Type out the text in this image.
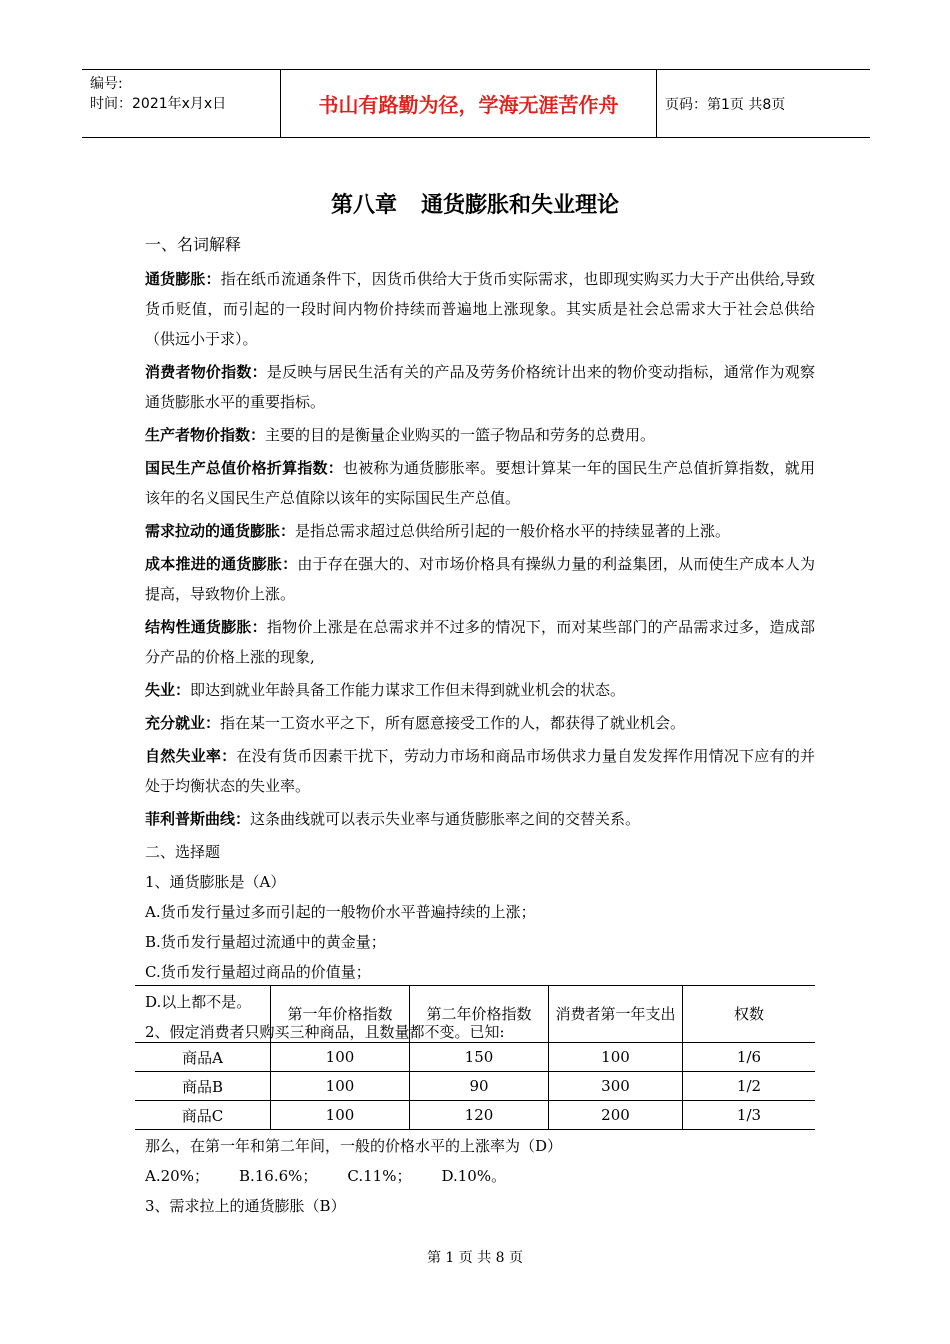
编号:
时间：2021年x月x日	书山有路勤为径，学海无涯苦作舟	页码：第1页 共8页
第八章 通货膨胀和失业理论

一、名词解释

通货膨胀：指在纸币流通条件下，因货币供给大于货币实际需求，也即现实购买力大于产出供给,导致货币贬值，而引起的一段时间内物价持续而普遍地上涨现象。其实质是社会总需求大于社会总供给 （供远小于求）。

消费者物价指数：是反映与居民生活有关的产品及劳务价格统计出来的物价变动指标，通常作为观察通货膨胀水平的重要指标。

生产者物价指数：主要的目的是衡量企业购买的一篮子物品和劳务的总费用。

国民生产总值价格折算指数：也被称为通货膨胀率。要想计算某一年的国民生产总值折算指数，就用该年的名义国民生产总值除以该年的实际国民生产总值。

需求拉动的通货膨胀：是指总需求超过总供给所引起的一般价格水平的持续显著的上涨。

成本推进的通货膨胀：由于存在强大的、对市场价格具有操纵力量的利益集团，从而使生产成本人为提高，导致物价上涨。

结构性通货膨胀：指物价上涨是在总需求并不过多的情况下，而对某些部门的产品需求过多，造成部分产品的价格上涨的现象,

失业：即达到就业年龄具备工作能力谋求工作但未得到就业机会的状态。

充分就业：指在某一工资水平之下，所有愿意接受工作的人，都获得了就业机会。

自然失业率：在没有货币因素干扰下，劳动力市场和商品市场供求力量自发发挥作用情况下应有的并处于均衡状态的失业率。

菲利普斯曲线：这条曲线就可以表示失业率与通货膨胀率之间的交替关系。

二、选择题

1、通货膨胀是（A）

A.货币发行量过多而引起的一般物价水平普遍持续的上涨；

B.货币发行量超过流通中的黄金量；

C.货币发行量超过商品的价值量；

D.以上都不是。

2、假定消费者只购买三种商品，且数量都不变。已知:

	第一年价格指数	第二年价格指数	消费者第一年支出	权数
商品A	100	150	100	1/6
商品B	100	90	300	1/2
商品C	100	120	200	1/3

那么，在第一年和第二年间，一般的价格水平的上涨率为（D）

A.20%； B.16.6%； C.11%； D.10%。

3、需求拉上的通货膨胀（B）

第 1 页 共 8 页
